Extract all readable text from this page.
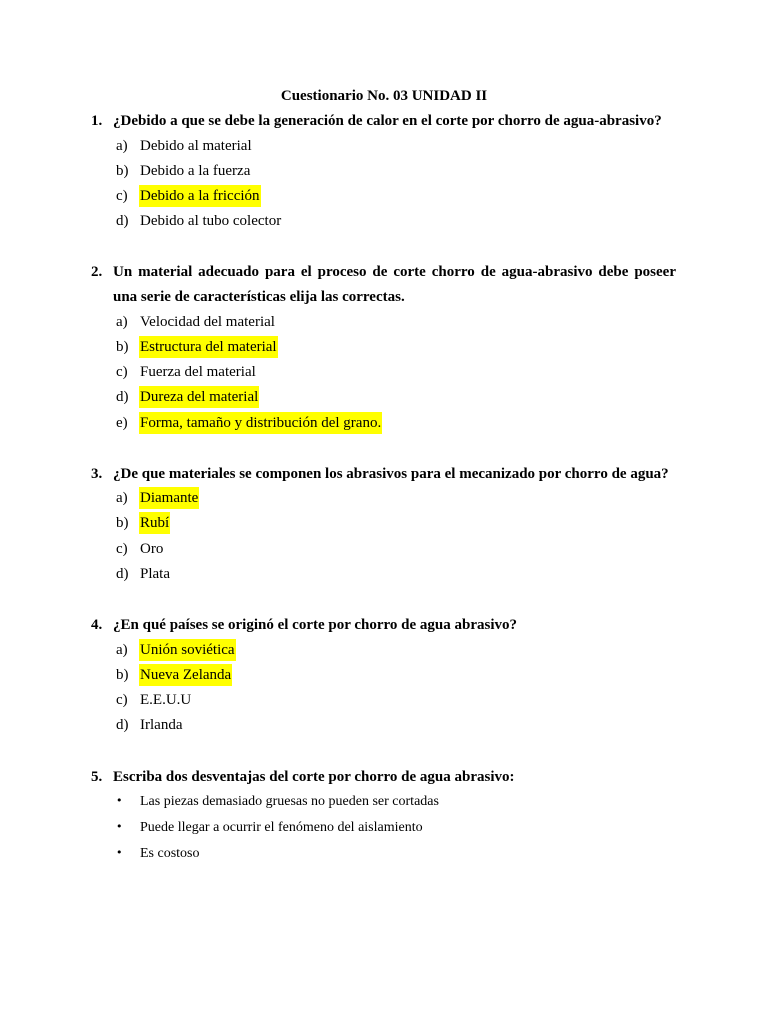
Cuestionario No. 03 UNIDAD II
1. ¿Debido a que se debe la generación de calor en el corte por chorro de agua-abrasivo?
a) Debido al material
b) Debido a la fuerza
c) Debido a la fricción
d) Debido al tubo colector
2. Un material adecuado para el proceso de corte chorro de agua-abrasivo debe poseer una serie de características elija las correctas.
a) Velocidad del material
b) Estructura del material
c) Fuerza del material
d) Dureza del material
e) Forma, tamaño y distribución del grano.
3. ¿De que materiales se componen los abrasivos para el mecanizado por chorro de agua?
a) Diamante
b) Rubí
c) Oro
d) Plata
4. ¿En qué países se originó el corte por chorro de agua abrasivo?
a) Unión soviética
b) Nueva Zelanda
c) E.E.U.U
d) Irlanda
5. Escriba dos desventajas del corte por chorro de agua abrasivo:
• Las piezas demasiado gruesas no pueden ser cortadas
• Puede llegar a ocurrir el fenómeno del aislamiento
• Es costoso
